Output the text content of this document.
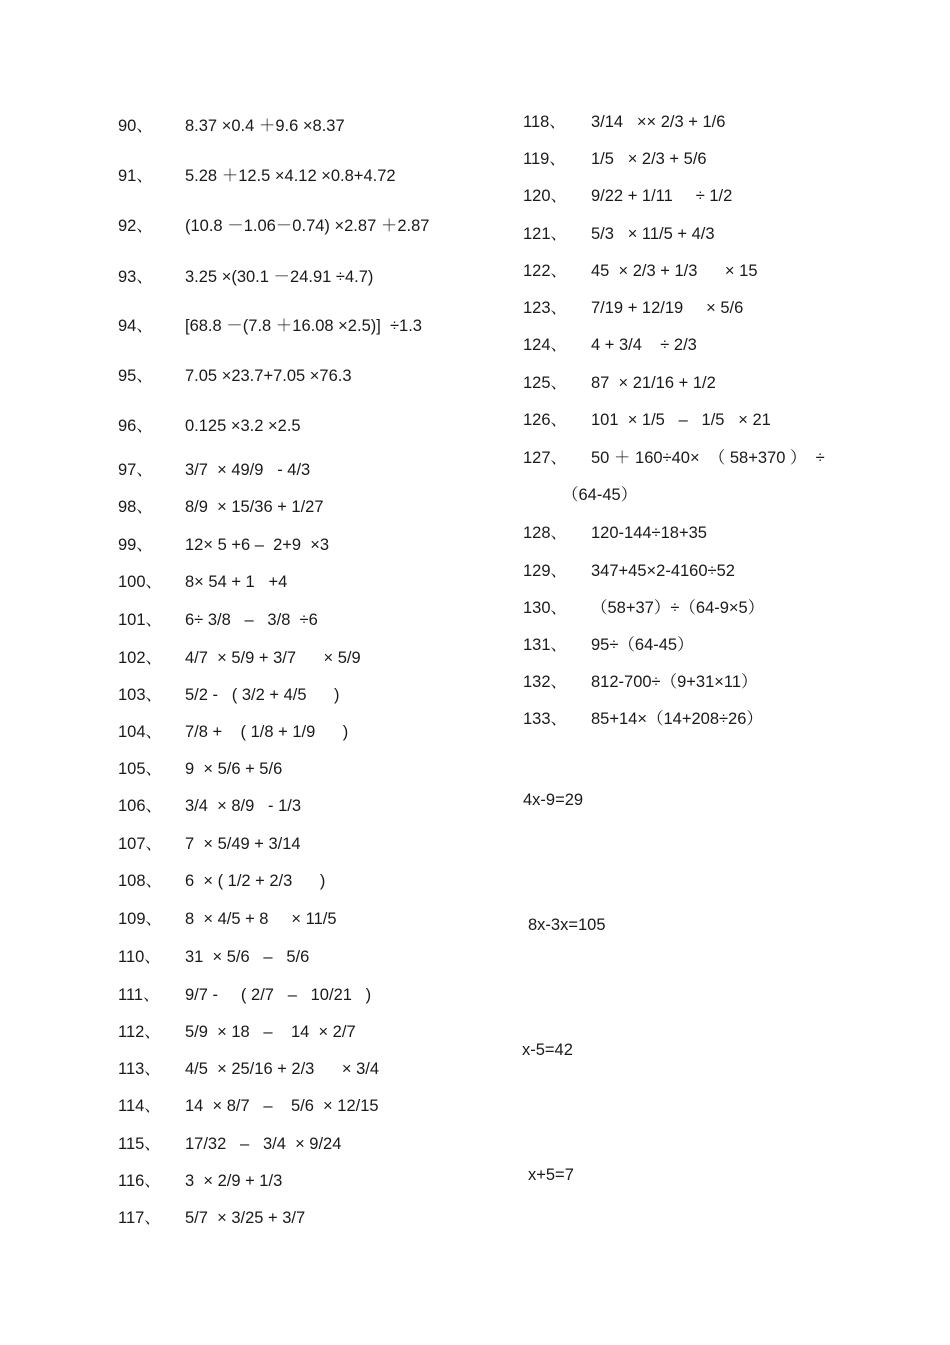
90、 8.37 ×0.4 ＋9.6 ×8.37
91、 5.28 ＋12.5 ×4.12 ×0.8+4.72
92、 (10.8 －1.06－0.74) ×2.87 ＋2.87
93、 3.25 ×(30.1 －24.91 ÷4.7)
94、 [68.8 －(7.8 ＋16.08 ×2.5)]  ÷1.3
95、 7.05 ×23.7+7.05 ×76.3
96、 0.125 ×3.2 ×2.5
97、 3/7  × 49/9   - 4/3
98、 8/9  × 15/36 + 1/27
99、 12× 5 +6 –  2+9  ×3
100、 8× 54 + 1   +4
101、 6÷ 3/8   –   3/8  ÷6
102、 4/7  × 5/9 + 3/7      × 5/9
103、 5/2 -   ( 3/2 + 4/5      )
104、 7/8 +    ( 1/8 + 1/9      )
105、 9  × 5/6 + 5/6
106、 3/4  × 8/9   - 1/3
107、 7  × 5/49 + 3/14
108、 6  × ( 1/2 + 2/3      )
109、 8  × 4/5 + 8     × 11/5
110、 31  × 5/6   –   5/6
111、 9/7 -     ( 2/7   –   10/21   )
112、 5/9  × 18   –    14  × 2/7
113、 4/5  × 25/16 + 2/3      × 3/4
114、 14  × 8/7   –    5/6  × 12/15
115、 17/32   –   3/4  × 9/24
116、 3  × 2/9 + 1/3
117、 5/7  × 3/25 + 3/7
118、 3/14   ×× 2/3 + 1/6
119、 1/5   × 2/3 + 5/6
120、 9/22 + 1/11     ÷ 1/2
121、 5/3   × 11/5 + 4/3
122、 45  × 2/3 + 1/3      × 15
123、 7/19 + 12/19     × 5/6
124、 4 + 3/4    ÷ 2/3
125、 87  × 21/16 + 1/2
126、 101  × 1/5   –   1/5   × 21
127、 50 ＋ 160÷40×  （ 58+370 ）  ÷
128、 120-144÷18+35
129、 347+45×2-4160÷52
130、 （58+37）÷（64-9×5）
131、 95÷（64-45）
132、 812-700÷（9+31×11）
133、 85+14×（14+208÷26）
（64-45）
4x-9=29
8x-3x=105
x-5=42
x+5=7
